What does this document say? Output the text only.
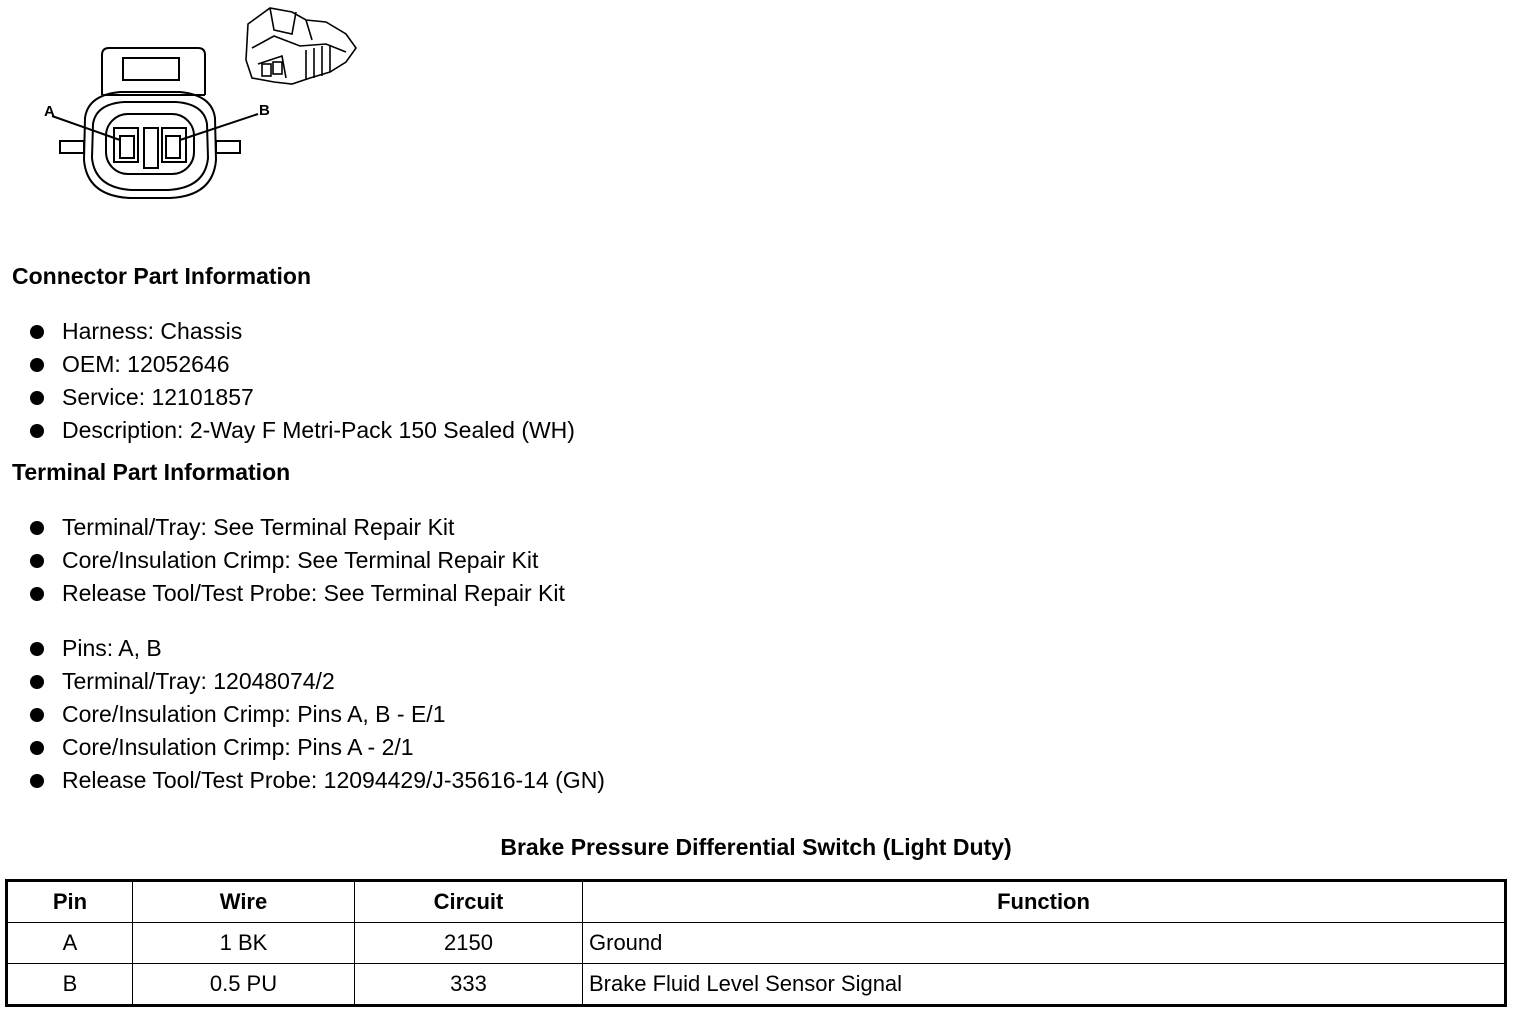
A	B
Connector Part Information
Harness: Chassis
OEM: 12052646
Service: 12101857
Description: 2-Way F Metri-Pack 150 Sealed (WH)
Terminal Part Information
Terminal/Tray: See Terminal Repair Kit
Core/Insulation Crimp: See Terminal Repair Kit
Release Tool/Test Probe: See Terminal Repair Kit
Pins: A, B
Terminal/Tray: 12048074/2
Core/Insulation Crimp: Pins A, B - E/1
Core/Insulation Crimp: Pins A - 2/1
Release Tool/Test Probe: 12094429/J-35616-14 (GN)
Brake Pressure Differential Switch (Light Duty)
Pin	Wire	Circuit	Function
A	1 BK	2150	Ground
B	0.5 PU	333	Brake Fluid Level Sensor Signal
